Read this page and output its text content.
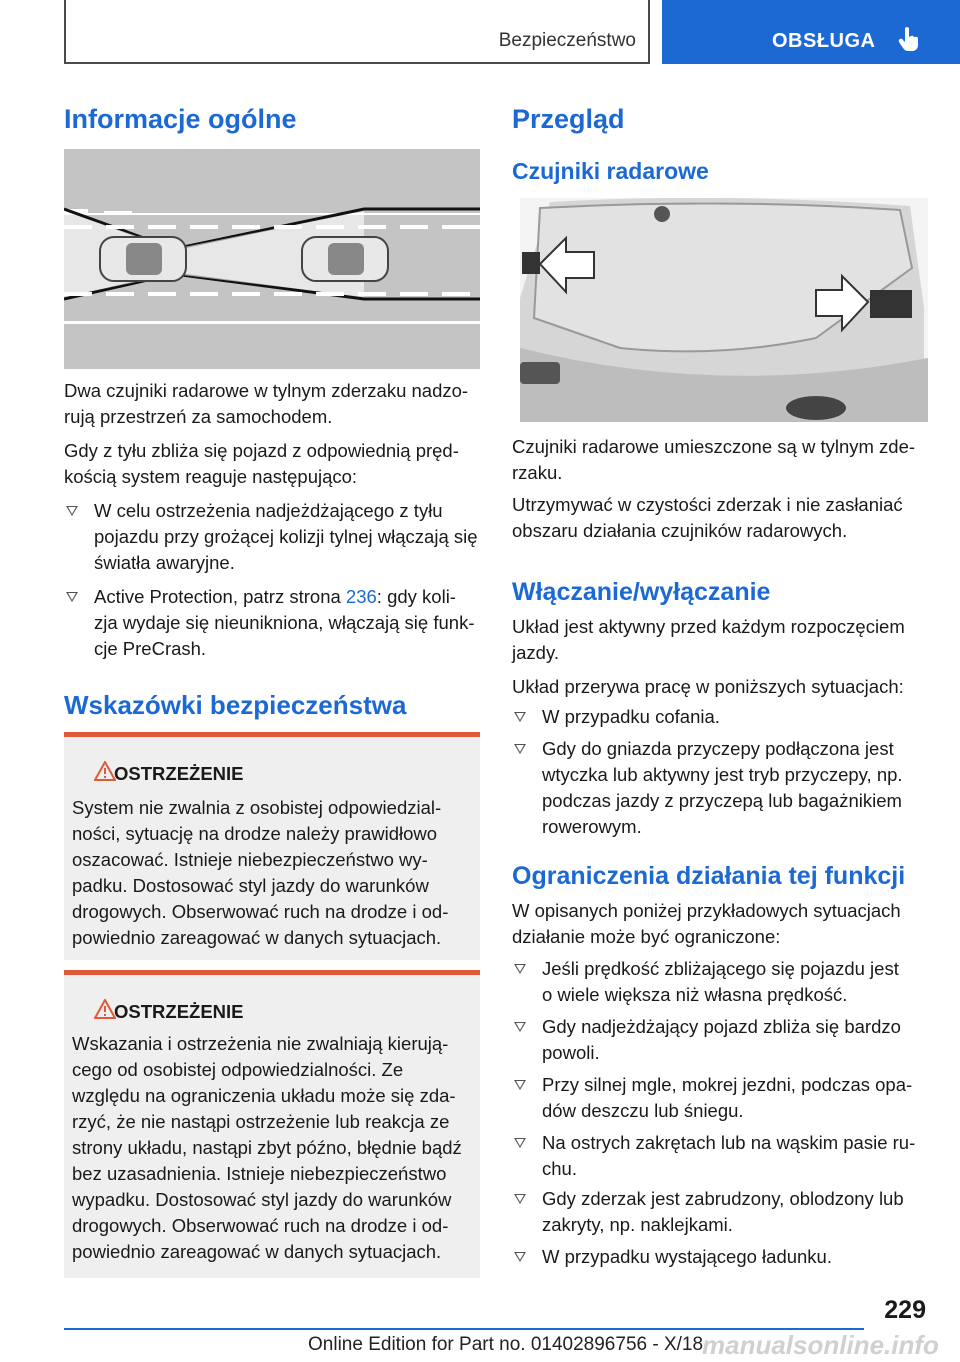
Bezpieczeństwo	OBSŁUGA
Informacje ogólne
Dwa czujniki radarowe w tylnym zderzaku nadzo-
rują przestrzeń za samochodem.
Gdy z tyłu zbliża się pojazd z odpowiednią pręd-
kością system reaguje następująco:
W celu ostrzeżenia nadjeżdżającego z tyłu
pojazdu przy grożącej kolizji tylnej włączają się
światła awaryjne.
Active Protection, patrz strona 236: gdy koli-
zja wydaje się nieunikniona, włączają się funk-
cje PreCrash.
Wskazówki bezpieczeństwa
OSTRZEŻENIE
System nie zwalnia z osobistej odpowiedzial-
ności, sytuację na drodze należy prawidłowo
oszacować. Istnieje niebezpieczeństwo wy-
padku. Dostosować styl jazdy do warunków
drogowych. Obserwować ruch na drodze i od-
powiednio zareagować w danych sytuacjach.
OSTRZEŻENIE
Wskazania i ostrzeżenia nie zwalniają kierują-
cego od osobistej odpowiedzialności. Ze
względu na ograniczenia układu może się zda-
rzyć, że nie nastąpi ostrzeżenie lub reakcja ze
strony układu, nastąpi zbyt późno, błędnie bądź
bez uzasadnienia. Istnieje niebezpieczeństwo
wypadku. Dostosować styl jazdy do warunków
drogowych. Obserwować ruch na drodze i od-
powiednio zareagować w danych sytuacjach.
Przegląd
Czujniki radarowe
Czujniki radarowe umieszczone są w tylnym zde-
rzaku.
Utrzymywać w czystości zderzak i nie zasłaniać
obszaru działania czujników radarowych.
Włączanie/wyłączanie
Układ jest aktywny przed każdym rozpoczęciem
jazdy.
Układ przerywa pracę w poniższych sytuacjach:
W przypadku cofania.
Gdy do gniazda przyczepy podłączona jest
wtyczka lub aktywny jest tryb przyczepy, np.
podczas jazdy z przyczepą lub bagażnikiem
rowerowym.
Ograniczenia działania tej funkcji
W opisanych poniżej przykładowych sytuacjach
działanie może być ograniczone:
Jeśli prędkość zbliżającego się pojazdu jest
o wiele większa niż własna prędkość.
Gdy nadjeżdżający pojazd zbliża się bardzo
powoli.
Przy silnej mgle, mokrej jezdni, podczas opa-
dów deszczu lub śniegu.
Na ostrych zakrętach lub na wąskim pasie ru-
chu.
Gdy zderzak jest zabrudzony, oblodzony lub
zakryty, np. naklejkami.
W przypadku wystającego ładunku.
229
Online Edition for Part no. 01402896756 - X/18
manualsonline.info
